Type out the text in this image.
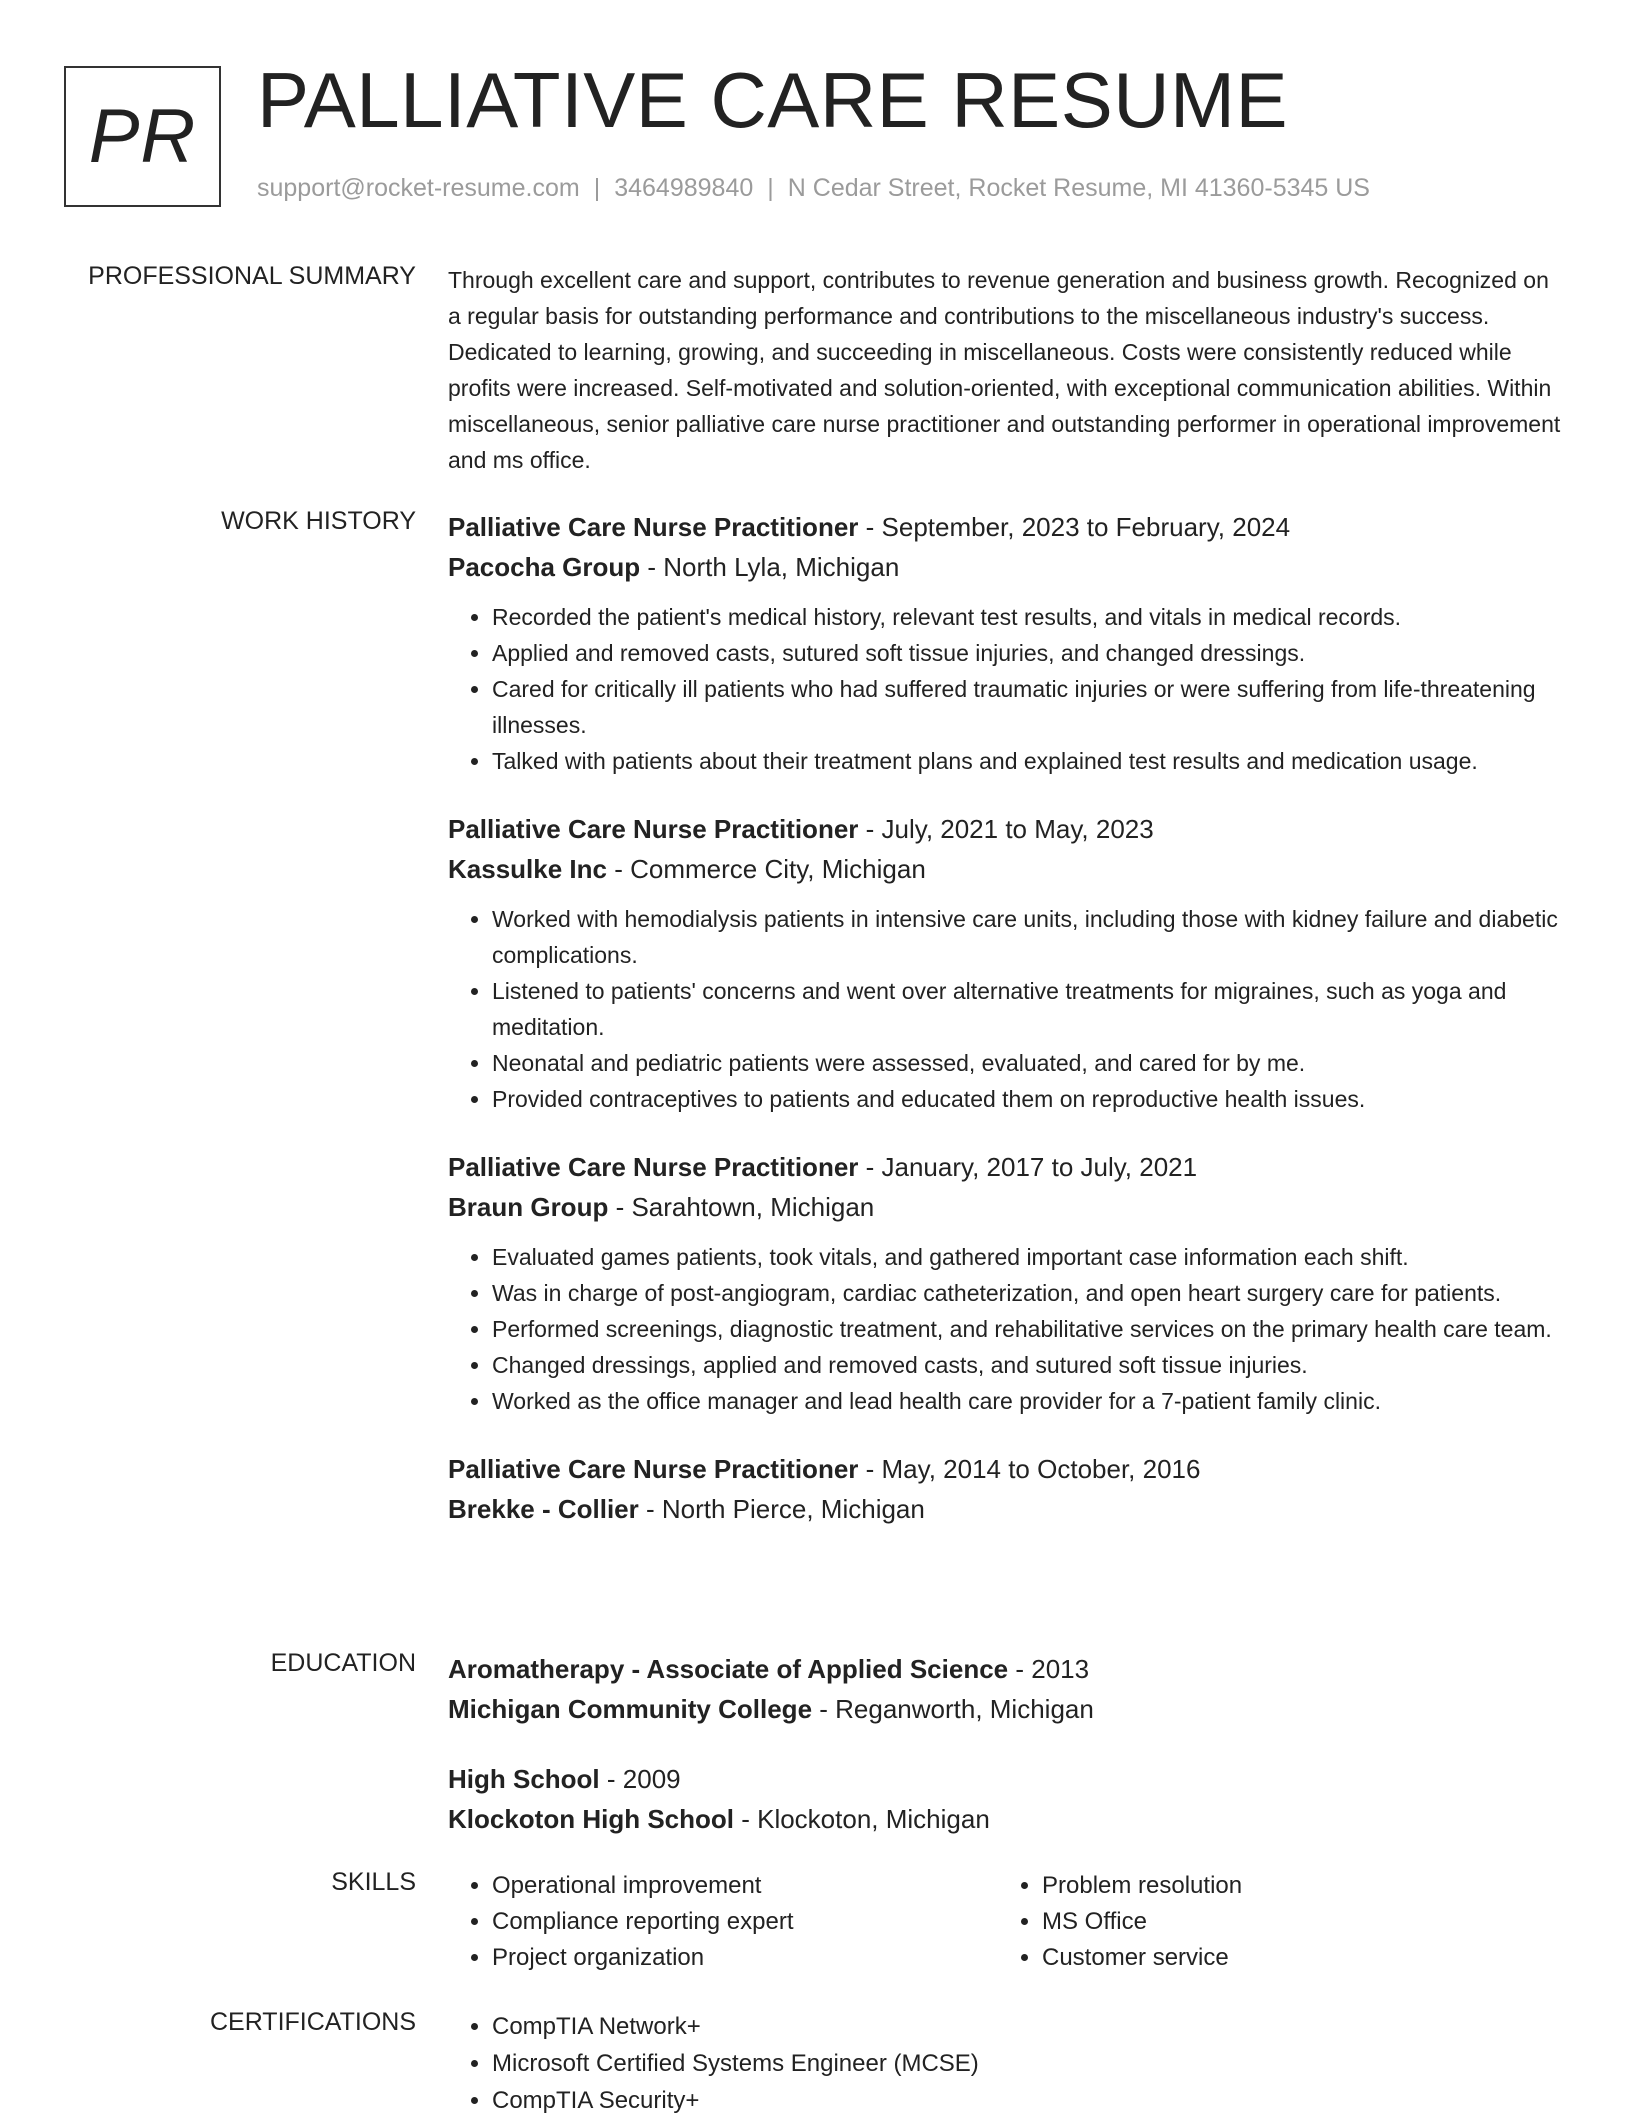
PR PALLIATIVE CARE RESUME
support@rocket-resume.com | 3464989840 | N Cedar Street, Rocket Resume, MI 41360-5345 US
PROFESSIONAL SUMMARY Through excellent care and support, contributes to revenue generation and business growth. Recognized on a regular basis for outstanding performance and contributions to the miscellaneous industry's success. Dedicated to learning, growing, and succeeding in miscellaneous. Costs were consistently reduced while profits were increased. Self-motivated and solution-oriented, with exceptional communication abilities. Within miscellaneous, senior palliative care nurse practitioner and outstanding performer in operational improvement and ms office.
WORK HISTORY Palliative Care Nurse Practitioner - September, 2023 to February, 2024
Pacocha Group - North Lyla, Michigan
• Recorded the patient's medical history, relevant test results, and vitals in medical records.
• Applied and removed casts, sutured soft tissue injuries, and changed dressings.
• Cared for critically ill patients who had suffered traumatic injuries or were suffering from life-threatening illnesses.
• Talked with patients about their treatment plans and explained test results and medication usage.
Palliative Care Nurse Practitioner - July, 2021 to May, 2023
Kassulke Inc - Commerce City, Michigan
• Worked with hemodialysis patients in intensive care units, including those with kidney failure and diabetic complications.
• Listened to patients' concerns and went over alternative treatments for migraines, such as yoga and meditation.
• Neonatal and pediatric patients were assessed, evaluated, and cared for by me.
• Provided contraceptives to patients and educated them on reproductive health issues.
Palliative Care Nurse Practitioner - January, 2017 to July, 2021
Braun Group - Sarahtown, Michigan
• Evaluated games patients, took vitals, and gathered important case information each shift.
• Was in charge of post-angiogram, cardiac catheterization, and open heart surgery care for patients.
• Performed screenings, diagnostic treatment, and rehabilitative services on the primary health care team.
• Changed dressings, applied and removed casts, and sutured soft tissue injuries.
• Worked as the office manager and lead health care provider for a 7-patient family clinic.
Palliative Care Nurse Practitioner - May, 2014 to October, 2016
Brekke - Collier - North Pierce, Michigan
EDUCATION Aromatherapy - Associate of Applied Science - 2013
Michigan Community College - Reganworth, Michigan
High School - 2009
Klockoton High School - Klockoton, Michigan
SKILLS	• Operational improvement
• Compliance reporting expert
• Project organization
• Problem resolution
• MS Office
• Customer service
CERTIFICATIONS	• CompTIA Network+
• Microsoft Certified Systems Engineer (MCSE)
• CompTIA Security+
